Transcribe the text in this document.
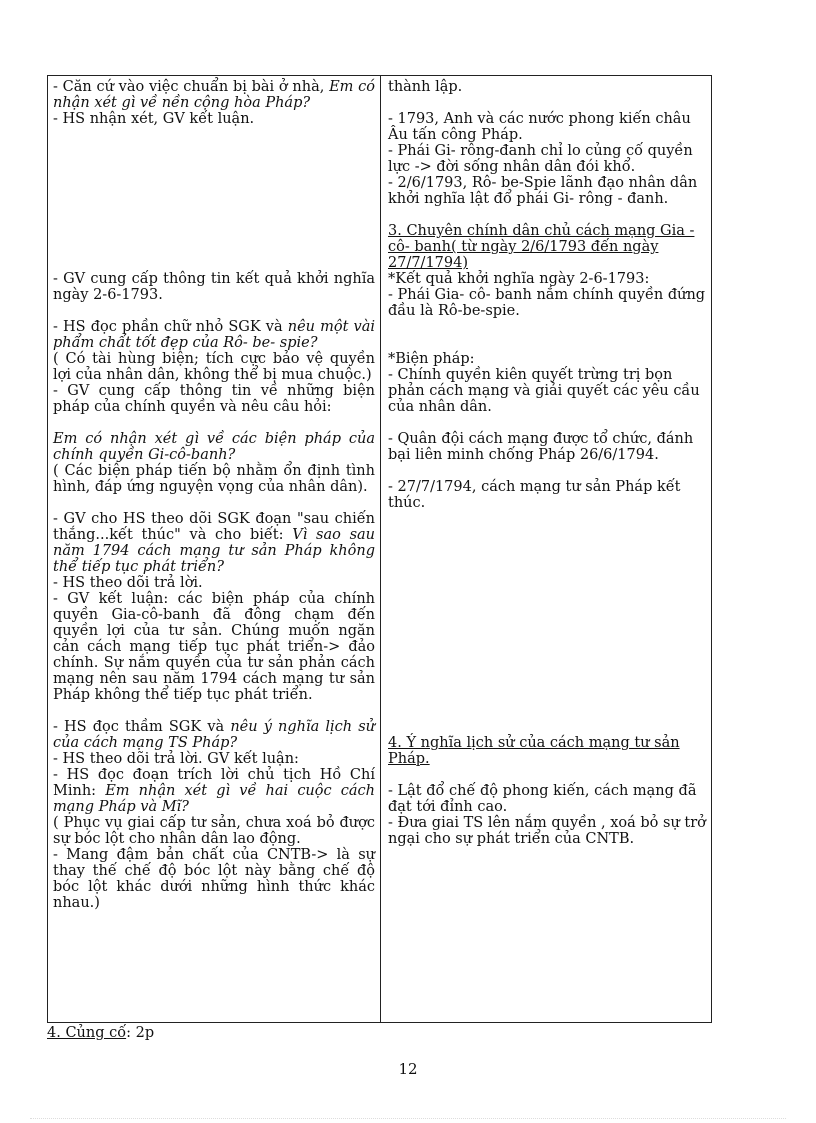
- Căn cứ vào việc chuẩn bị bài ở nhà, Em có nhận xét gì về nền cộng hòa Pháp?
- HS nhận xét, GV kết luận.
- GV cung cấp thông tin kết quả khởi nghĩa ngày 2-6-1793.
- HS đọc phần chữ nhỏ SGK và nêu một vài phẩm chất tốt đẹp của Rô- be- spie?
( Có tài hùng biện; tích cực bảo vệ quyền lợi của nhân dân, không thể bị mua chuộc.)
- GV cung cấp thông tin về những biện pháp của chính quyền và nêu câu hỏi:
Em có nhận xét gì về các biện pháp của chính quyền Gi-cô-banh?
( Các biện pháp tiến bộ nhằm ổn định tình hình, đáp ứng nguyện vọng của nhân dân).
- GV cho HS theo dõi SGK đoạn "sau chiến thắng...kết thúc" và cho biết: Vì sao sau năm 1794 cách mạng tư sản Pháp không thể tiếp tục phát triển?
- HS theo dõi trả lời.
- GV kết luận: các biện pháp của chính quyền Gia-cô-banh đã đông chạm đến quyền lợi của tư sản. Chúng muốn ngăn cản cách mạng tiếp tục phát triển-> đảo chính. Sự nắm quyền của tư sản phản cách mạng nên sau năm 1794 cách mạng tư sản Pháp không thể tiếp tục phát triển.
- HS đọc thầm SGK và nêu ý nghĩa lịch sử của cách mạng TS Pháp?
- HS theo dõi trả lời. GV kết luận:
- HS đọc đoạn trích lời chủ tịch Hồ Chí Minh: Em nhận xét gì về hai cuộc cách mạng Pháp và Mĩ?
( Phục vụ giai cấp tư sản, chưa xoá bỏ được sự bóc lột cho nhân dân lao động.
- Mang đậm bản chất của CNTB-> là sự thay thế chế độ bóc lột này bằng chế độ bóc lột khác dưới những hình thức khác nhau.)
thành lập.
- 1793, Anh và các nước phong kiến châu Âu tấn công Pháp.
- Phái Gi- rông-đanh chỉ lo củng cố quyền lực -> đời sống nhân dân đói khổ.
- 2/6/1793, Rô- be-Spie lãnh đạo nhân dân khởi nghĩa lật đổ phái Gi- rông - đanh.
3. Chuyên chính dân chủ cách mạng Gia - cô- banh( từ ngày 2/6/1793 đến ngày 27/7/1794)
*Kết quả khởi nghĩa ngày 2-6-1793:
- Phái Gia- cô- banh nắm chính quyền đứng đầu là Rô-be-spie.
*Biện pháp:
- Chính quyền kiên quyết trừng trị bọn phản cách mạng và giải quyết các yêu cầu của nhân dân.
- Quân đội cách mạng được tổ chức, đánh bại liên minh chống Pháp 26/6/1794.
- 27/7/1794, cách mạng tư sản Pháp kết thúc.
4. Ý nghĩa lịch sử của cách mạng tư sản Pháp.
- Lật đổ chế độ phong kiến, cách mạng đã đạt tới đỉnh cao.
- Đưa giai TS lên nắm quyền , xoá bỏ sự trở ngại cho sự phát triển của CNTB.
4. Củng cố: 2p
12
